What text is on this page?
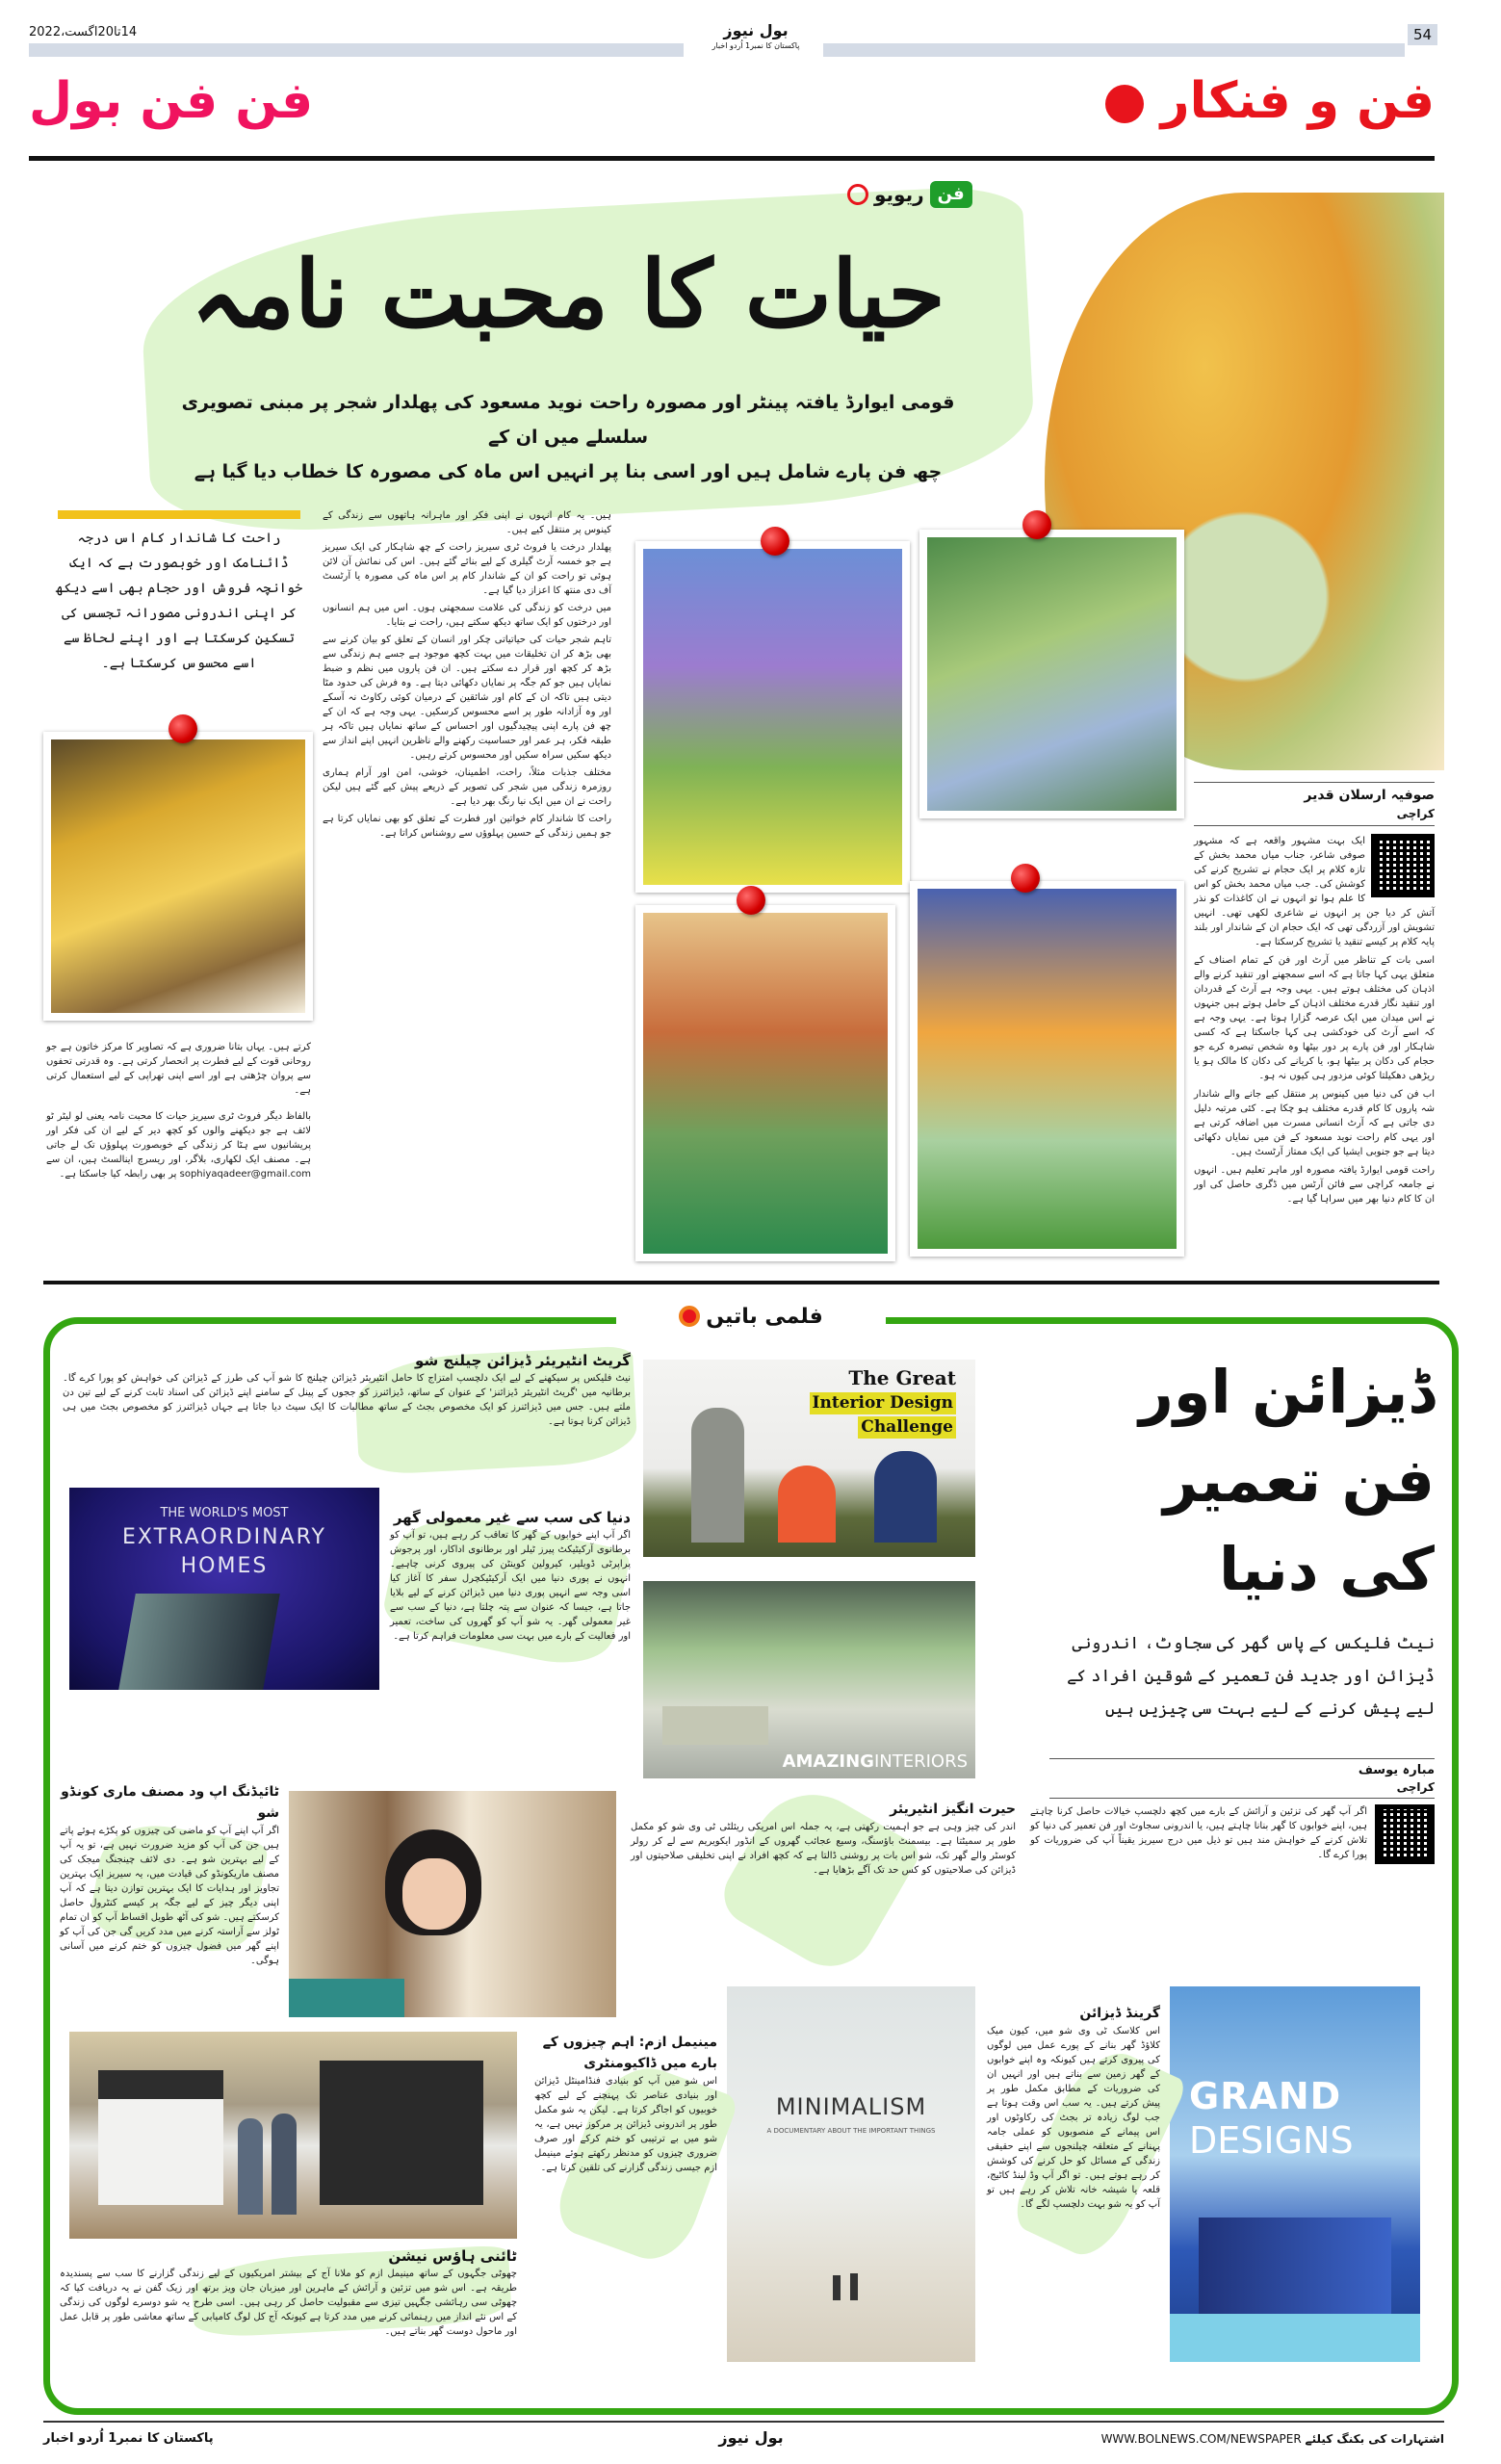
14تا20اگست،2022	54
بول نیوز
پاکستان کا نمبر1 اُردو اخبار
فن فن بول	فن و فنکار
فن
ریویو
حیات کا محبت نامہ
قومی ایوارڈ یافتہ پینٹر اور مصورہ راحت نوید مسعود کی پھلدار شجر پر مبنی تصویری سلسلے میں ان کے
چھ فن پارے شامل ہیں اور اسی بنا پر انہیں اس ماہ کی مصورہ کا خطاب دیا گیا ہے
صوفیہ ارسلان قدیر
کراچی

ایک بہت مشہور واقعہ ہے کہ مشہور صوفی شاعر، جناب میاں محمد بخش کے تازہ کلام پر ایک حجام نے تشریح کرنے کی کوشش کی۔ جب میاں محمد بخش کو اس کا علم ہوا تو انہوں نے ان کاغذات کو نذر آتش کر دیا جن پر انہوں نے شاعری لکھی تھی۔ انہیں تشویش اور آزردگی تھی کہ ایک حجام ان کے شاندار اور بلند پایہ کلام پر کیسے تنقید یا تشریح کرسکتا ہے۔

اسی بات کے تناظر میں آرٹ اور فن کے تمام اصناف کے متعلق یہی کہا جاتا ہے کہ اسے سمجھنے اور تنقید کرنے والے اذہان کی مختلف ہوتے ہیں۔ یہی وجہ ہے آرٹ کے قدردان اور تنقید نگار قدرے مختلف اذہان کے حامل ہوتے ہیں جنہوں نے اس میدان میں ایک عرصہ گزارا ہوتا ہے۔ یہی وجہ ہے کہ اسے آرٹ کی خودکشی ہی کہا جاسکتا ہے کہ کسی شاہکار اور فن پارے پر دور بیٹھا وہ شخص تبصرہ کرے جو حجام کی دکان پر بیٹھا ہو، یا کریانے کی دکان کا مالک ہو یا ریڑھی دھکیلتا کوئی مزدور ہی کیوں نہ ہو۔

اب فن کی دنیا میں کینوس پر منتقل کیے جانے والے شاندار شہ پاروں کا کام قدرے مختلف ہو چکا ہے۔ کئی مرتبہ دلیل دی جاتی ہے کہ آرٹ انسانی مسرت میں اضافہ کرتی ہے اور یہی کام راحت نوید مسعود کے فن میں نمایاں دکھائی دیتا ہے جو جنوبی ایشیا کی ایک ممتاز آرٹسٹ ہیں۔

راحت قومی ایوارڈ یافتہ مصورہ اور ماہر تعلیم ہیں۔ انہوں نے جامعہ کراچی سے فائن آرٹس میں ڈگری حاصل کی اور ان کا کام دنیا بھر میں سراہا گیا ہے۔

ہیں۔ یہ کام انہوں نے اپنی فکر اور ماہرانہ ہاتھوں سے زندگی کے کینوس پر منتقل کیے ہیں۔

پھلدار درخت یا فروٹ ٹری سیریز راحت کے چھ شاہکار کی ایک سیریز ہے جو خمسہ آرٹ گیلری کے لیے بنائے گئے ہیں۔ اس کی نمائش آن لائن ہوئی تو راحت کو ان کے شاندار کام پر اس ماہ کی مصورہ یا آرٹسٹ آف دی منتھ کا اعزاز دیا گیا ہے۔

میں درخت کو زندگی کی علامت سمجھتی ہوں۔ اس میں ہم انسانوں اور درختوں کو ایک ساتھ دیکھ سکتے ہیں، راحت نے بتایا۔

تاہم شجر حیات کی حیاتیاتی چکر اور انسان کے تعلق کو بیان کرنے سے بھی بڑھ کر ان تخلیقات میں بہت کچھ موجود ہے جسے ہم زندگی سے بڑھ کر کچھ اور قرار دے سکتے ہیں۔ ان فن پاروں میں نظم و ضبط نمایاں ہیں جو کم جگہ پر نمایاں دکھائی دیتا ہے۔ وہ فرش کی حدود مٹا دیتی ہیں تاکہ ان کے کام اور شائقین کے درمیان کوئی رکاوٹ نہ آسکے اور وہ آزادانہ طور پر اسے محسوس کرسکیں۔ یہی وجہ ہے کہ ان کے چھ فن پارے اپنی پیچیدگیوں اور احساس کے ساتھ نمایاں ہیں تاکہ ہر طبقہ فکر، ہر عمر اور حساسیت رکھنے والے ناظرین انہیں اپنے انداز سے دیکھ سکیں سراہ سکیں اور محسوس کرتے رہیں۔

مختلف جذبات مثلاً، راحت، اطمینان، خوشی، امن اور آرام ہماری روزمرہ زندگی میں شجر کی تصویر کے ذریعے پیش کیے گئے ہیں لیکن راحت نے ان میں ایک نیا رنگ بھر دیا ہے۔

راحت کا شاندار کام خواتین اور فطرت کے تعلق کو بھی نمایاں کرتا ہے جو ہمیں زندگی کے حسین پہلوؤں سے روشناس کراتا ہے۔

راحت کا شاندار کام اس درجہ ڈائنامک اور خوبصورت ہے کہ ایک خوانچہ فروش اور حجام بھی اسے دیکھ کر اپنی اندرونی مصورانہ تجسس کی تسکین کرسکتا ہے اور اپنے لحاظ سے اسے محسوس کرسکتا ہے۔

کرتے ہیں۔ یہاں بتانا ضروری ہے کہ تصاویر کا مرکز خاتون ہے جو روحانی قوت کے لیے فطرت پر انحصار کرتی ہے۔ وہ قدرتی تحفوں سے پروان چڑھتی ہے اور اسے اپنی تھراپی کے لیے استعمال کرتی ہے۔

بالفاظ دیگر فروٹ ٹری سیریز حیات کا محبت نامہ یعنی لو لیٹر ٹو لائف ہے جو دیکھنے والوں کو کچھ دیر کے لیے ان کی فکر اور پریشانیوں سے ہٹا کر زندگی کے خوبصورت پہلوؤں تک لے جاتی ہے۔ مصنف ایک لکھاری، بلاگر، اور ریسرچ اینالسٹ ہیں، ان سے sophiyaqadeer@gmail.com پر بھی رابطہ کیا جاسکتا ہے۔

فلمی باتیں
ڈیزائن اور
فن تعمیر
کی دنیا
نیٹ فلیکس کے پاس گھر کی سجاوٹ، اندرونی ڈیزائن اور جدید فن تعمیر کے شوقین افراد کے لیے پیش کرنے کے لیے بہت سی چیزیں ہیں
مبارہ یوسف
کراچی
اگر آپ گھر کی تزئین و آرائش کے بارے میں کچھ دلچسپ خیالات حاصل کرنا چاہتے ہیں، اپنے خوابوں کا گھر بنانا چاہتے ہیں، یا اندرونی سجاوٹ اور فن تعمیر کی دنیا کو تلاش کرنے کے خواہش مند ہیں تو ذیل میں درج سیریز یقیناً آپ کی ضروریات کو پورا کرے گا۔
گریٹ انٹیریئر ڈیزائن چیلنج شو
نیٹ فلیکس پر سیکھنے کے لیے ایک دلچسپ امتزاج کا حامل انٹیریئر ڈیزائن چیلنج کا شو آپ کی طرز کے ڈیزائن کی خواہش کو پورا کرے گا۔ برطانیہ میں 'گریٹ انٹیریئر ڈیزائنز' کے عنوان کے ساتھ، ڈیزائنرز کو ججوں کے پینل کے سامنے اپنے ڈیزائن کی اسناد ثابت کرنے کے لیے تین دن ملتے ہیں۔ جس میں ڈیزائنرز کو ایک مخصوص بجٹ کے ساتھ مطالبات کا ایک سیٹ دیا جاتا ہے جہاں ڈیزائنرز کو مخصوص بجٹ میں ہی ڈیزائن کرنا ہوتا ہے۔
The Great
Interior Design
Challenge
THE WORLD'S MOST
EXTRAORDINARY
HOMES
دنیا کی سب سے غیر معمولی گھر
اگر آپ اپنے خوابوں کے گھر کا تعاقب کر رہے ہیں، تو آپ کو برطانوی آرکیٹیکٹ پیرز ٹیلر اور برطانوی اداکار، اور پرجوش پراپرٹی ڈویلپر، کیرولین کوینٹن کی پیروی کرنی چاہیے۔ انہوں نے پوری دنیا میں ایک آرکیٹیکچرل سفر کا آغاز کیا اسی وجہ سے انہیں پوری دنیا میں ڈیزائن کرنے کے لیے بلایا جاتا ہے، جیسا کہ عنوان سے پتہ چلتا ہے، دنیا کے سب سے غیر معمولی گھر۔ یہ شو آپ کو گھروں کی ساخت، تعمیر اور فعالیت کے بارے میں بہت سی معلومات فراہم کرتا ہے۔
AMAZINGINTERIORS
ٹائیڈنگ اپ ود مصنف ماری کونڈو شو
اگر آپ اپنے آپ کو ماضی کی چیزوں کو پکڑے ہوئے پاتے ہیں جن کی آپ کو مزید ضرورت نہیں ہے، تو یہ آپ کے لیے بہترین شو ہے۔ دی لائف چینجنگ میجک کی مصنف ماریکونڈو کی قیادت میں، یہ سیریز ایک بہترین تجاویز اور ہدایات کا ایک بہترین توازن دیتا ہے کہ آپ اپنی دیگر چیز کے لیے جگہ پر کیسے کنٹرول حاصل کرسکتے ہیں۔ شو کی آٹھ طویل اقساط آپ کو ان تمام ٹولز سے آراستہ کرنے میں مدد کریں گی جن کی آپ کو اپنے گھر میں فضول چیزوں کو ختم کرنے میں آسانی ہوگی۔
حیرت انگیز انٹیریئر
اندر کی چیز وہی ہے جو اہمیت رکھتی ہے، یہ جملہ اس امریکی ریئلٹی ٹی وی شو کو مکمل طور پر سمیٹتا ہے۔ بیسمنٹ باؤسنگ، وسیع عجائب گھروں کے انڈور ایکویریم سے لے کر رولر کوسٹر والے گھر تک، شو اس بات پر روشنی ڈالتا ہے کہ کچھ افراد نے اپنی تخلیقی صلاحیتوں اور ڈیزائن کی صلاحیتوں کو کس حد تک آگے بڑھایا ہے۔
GRAND
DESIGNS
گرینڈ ڈیزائن
اس کلاسک ٹی وی شو میں، کیون میک کلاؤڈ گھر بنانے کے پورے عمل میں لوگوں کی پیروی کرتے ہیں کیونکہ وہ اپنے خوابوں کے گھر زمین سے بناتے ہیں اور انہیں ان کی ضروریات کے مطابق مکمل طور پر پیش کرتے ہیں۔ یہ سب اس وقت ہوتا ہے جب لوگ زیادہ تر بجٹ کی رکاوٹوں اور اس پیمانے کے منصوبوں کو عملی جامہ پہنانے کے متعلقہ چیلنجوں سے اپنے حقیقی زندگی کے مسائل کو حل کرنے کی کوشش کر رہے ہوتے ہیں۔ تو اگر آپ وڈ لینڈ کاٹیج، قلعہ یا شیشہ خانہ تلاش کر رہے ہیں تو آپ کو یہ شو بہت دلچسپ لگے گا۔
MINIMALISM
A DOCUMENTARY ABOUT THE IMPORTANT THINGS
مینیمل ازم: اہم چیزوں کے بارے میں ڈاکیومنٹری
اس شو میں آپ کو بنیادی فنڈامینٹل ڈیزائن اور بنیادی عناصر تک پہنچنے کے لیے کچھ خوبیوں کو اجاگر کرتا ہے۔ لیکن یہ شو مکمل طور پر اندرونی ڈیزائن پر مرکوز نہیں ہے، یہ شو میں بے ترتیبی کو ختم کرکے اور صرف ضروری چیزوں کو مدنظر رکھتے ہوئے مینیمل ازم جیسی زندگی گزارنے کی تلقین کرتا ہے۔
ٹائنی ہاؤس نیشن
چھوٹی جگہوں کے ساتھ مینیمل ازم کو ملانا آج کے بیشتر امریکیوں کے لیے زندگی گزارنے کا سب سے پسندیدہ طریقہ ہے۔ اس شو میں تزئین و آرائش کے ماہرین اور میزبان جان ویز برتھ اور زیک گفن نے یہ دریافت کیا کہ چھوٹی سی رہائشی جگہیں تیزی سے مقبولیت حاصل کر رہی ہیں۔ اسی طرح یہ شو دوسرے لوگوں کی زندگی کے اس نئے انداز میں رہنمائی کرنے میں مدد کرتا ہے کیونکہ آج کل لوگ کامیابی کے ساتھ معاشی طور پر قابل عمل اور ماحول دوست گھر بناتے ہیں۔
پاکستان کا نمبر1 اُردو اخبار	بول نیوز	WWW.BOLNEWS.COM/NEWSPAPER اشتہارات کی بکنگ کیلئے
